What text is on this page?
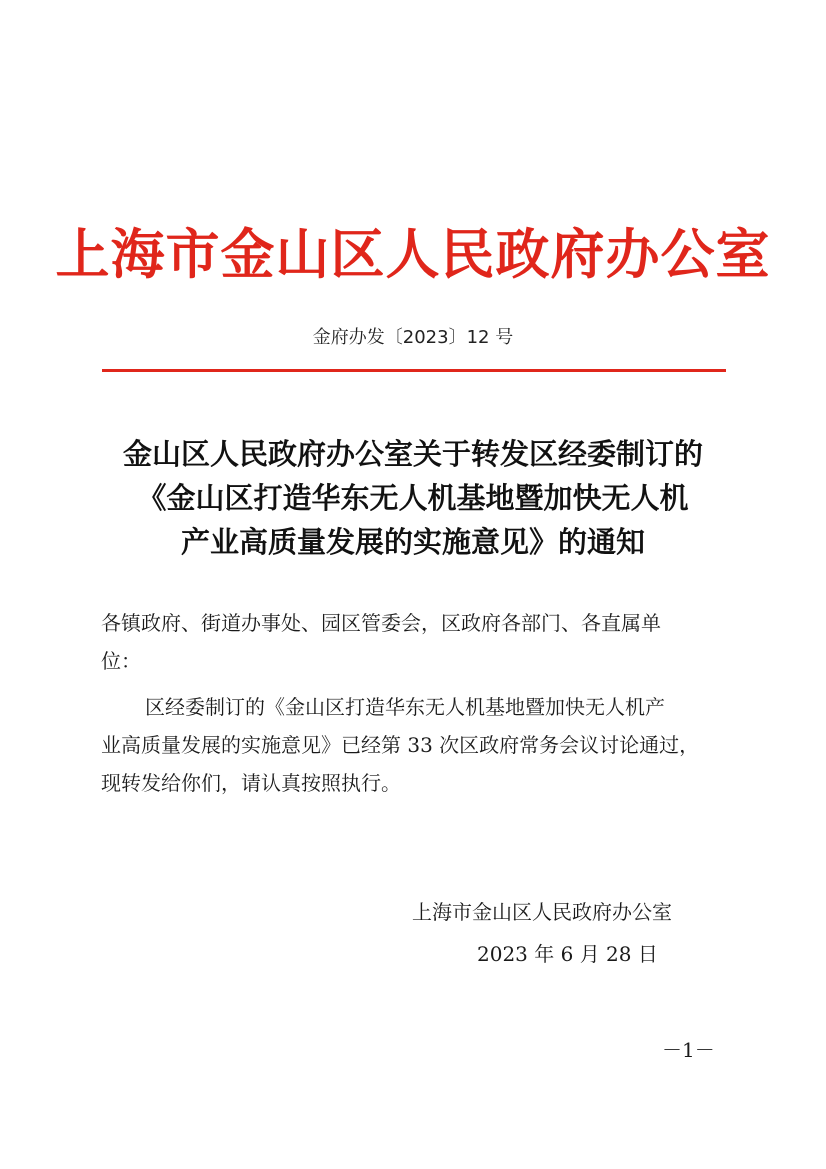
上海市金山区人民政府办公室
金府办发〔2023〕12 号
金山区人民政府办公室关于转发区经委制订的
《金山区打造华东无人机基地暨加快无人机
产业高质量发展的实施意见》的通知
各镇政府、街道办事处、园区管委会，区政府各部门、各直属单
位：
区经委制订的《金山区打造华东无人机基地暨加快无人机产
业高质量发展的实施意见》已经第 33 次区政府常务会议讨论通过，
现转发给你们，请认真按照执行。
上海市金山区人民政府办公室
2023 年 6 月 28 日
－1－
